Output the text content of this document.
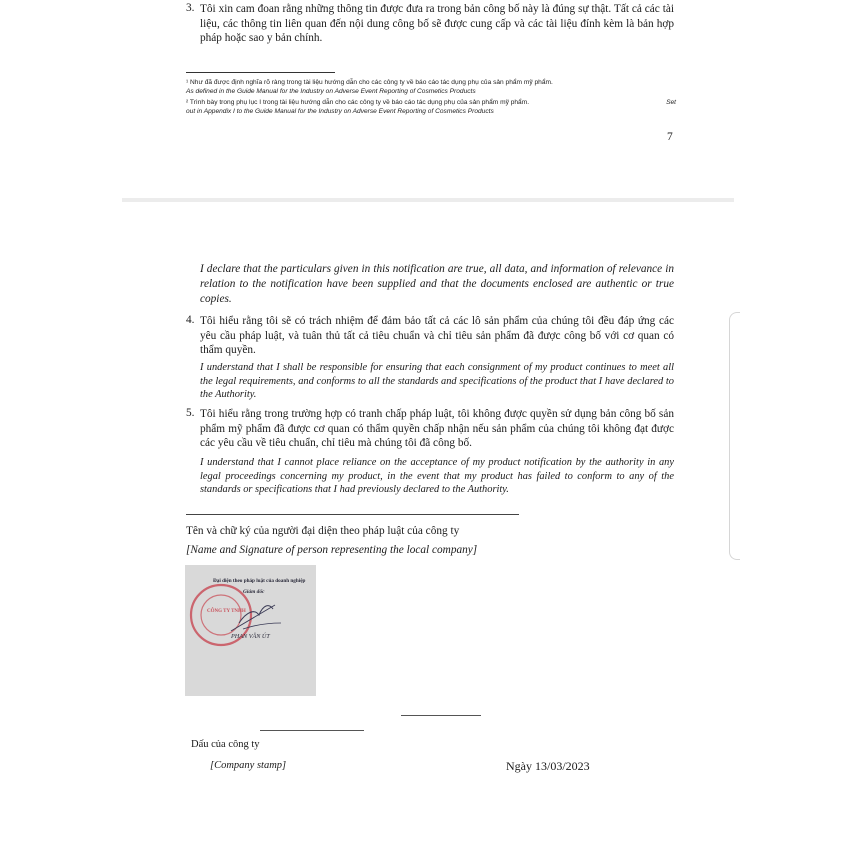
3. Tôi xin cam đoan rằng những thông tin được đưa ra trong bản công bố này là đúng sự thật. Tất cả các tài liệu, các thông tin liên quan đến nội dung công bố sẽ được cung cấp và các tài liệu đính kèm là bản hợp pháp hoặc sao y bản chính.
¹ Như đã được định nghĩa rõ ràng trong tài liệu hướng dẫn cho các công ty về báo cáo tác dụng phụ của sản phẩm mỹ phẩm.
As defined in the Guide Manual for the Industry on Adverse Event Reporting of Cosmetics Products
² Trình bày trong phụ lục I trong tài liệu hướng dẫn cho các công ty về báo cáo tác dụng phụ của sản phẩm mỹ phẩm.	Set
out in Appendix I to the Guide Manual for the Industry on Adverse Event Reporting of Cosmetics Products
7
I declare that the particulars given in this notification are true, all data, and information of relevance in relation to the notification have been supplied and that the documents enclosed are authentic or true copies.
4. Tôi hiểu rằng tôi sẽ có trách nhiệm để đảm bảo tất cả các lô sản phẩm của chúng tôi đều đáp ứng các yêu cầu pháp luật, và tuân thủ tất cả tiêu chuẩn và chỉ tiêu sản phẩm đã được công bố với cơ quan có thẩm quyền.
I understand that I shall be responsible for ensuring that each consignment of my product continues to meet all the legal requirements, and conforms to all the standards and specifications of the product that I have declared to the Authority.
5. Tôi hiểu rằng trong trường hợp có tranh chấp pháp luật, tôi không được quyền sử dụng bản công bố sản phẩm mỹ phẩm đã được cơ quan có thẩm quyền chấp nhận nếu sản phẩm của chúng tôi không đạt được các yêu cầu về tiêu chuẩn, chỉ tiêu mà chúng tôi đã công bố.
I understand that I cannot place reliance on the acceptance of my product notification by the authority in any legal proceedings concerning my product, in the event that my product has failed to conform to any of the standards or specifications that I had previously declared to the Authority.
Tên và chữ ký của người đại diện theo pháp luật của công ty
[Name and Signature of person representing the local company]
Đại diện theo pháp luật của doanh nghiệp
Giám đốc
CÔNG TY TNHH
PHAN VĂN ÚT
Dấu của công ty
[Company stamp]	Ngày 13/03/2023
